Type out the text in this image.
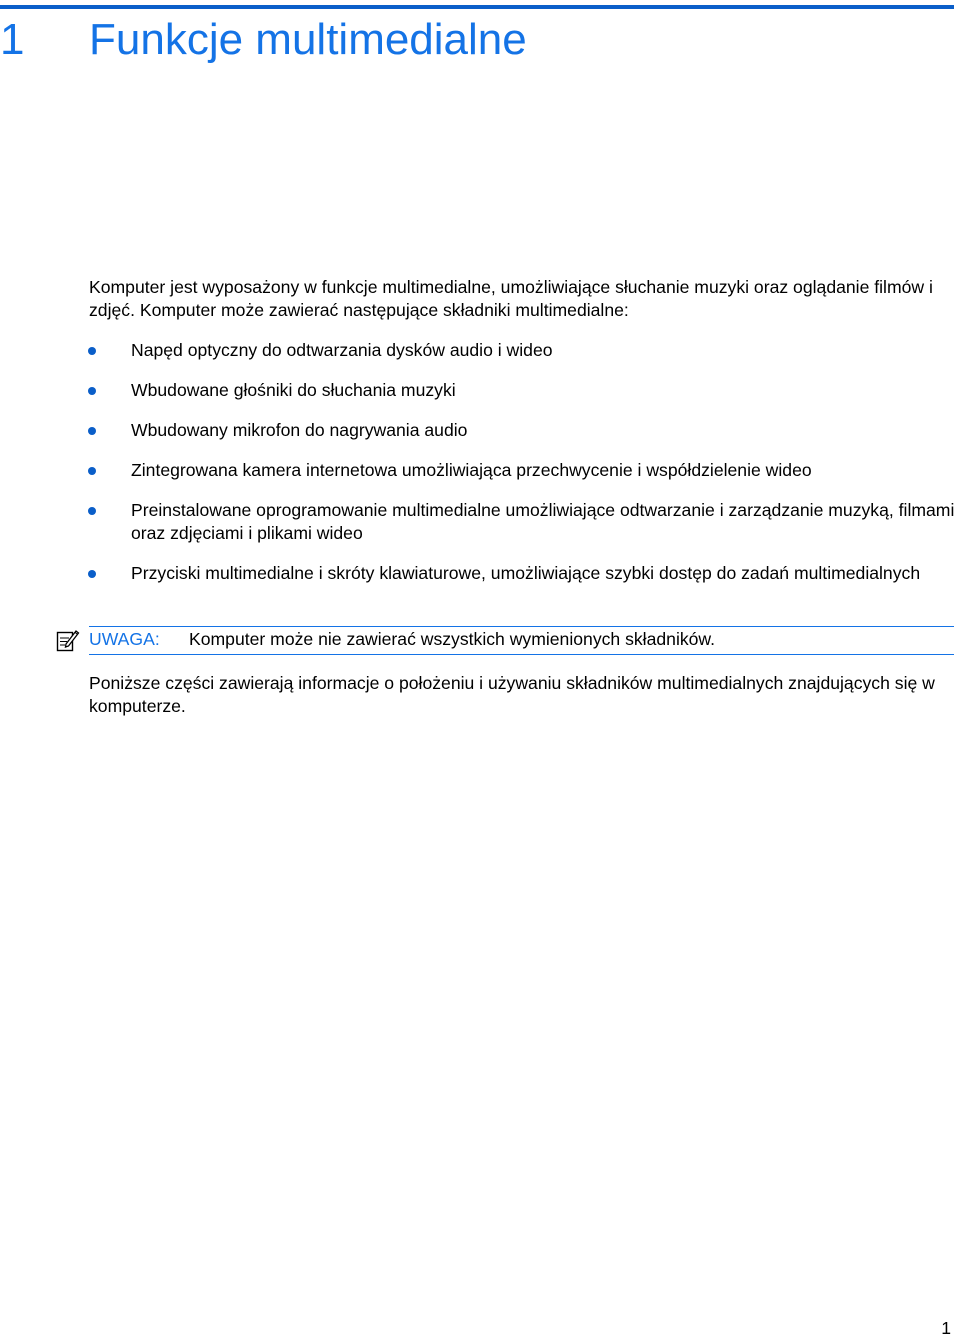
1 Funkcje multimedialne

Komputer jest wyposażony w funkcje multimedialne, umożliwiające słuchanie muzyki oraz oglądanie filmów i zdjęć. Komputer może zawierać następujące składniki multimedialne:

Napęd optyczny do odtwarzania dysków audio i wideo
Wbudowane głośniki do słuchania muzyki
Wbudowany mikrofon do nagrywania audio
Zintegrowana kamera internetowa umożliwiająca przechwycenie i współdzielenie wideo
Preinstalowane oprogramowanie multimedialne umożliwiające odtwarzanie i zarządzanie muzyką, filmami oraz zdjęciami i plikami wideo
Przyciski multimedialne i skróty klawiaturowe, umożliwiające szybki dostęp do zadań multimedialnych
UWAGA: Komputer może nie zawierać wszystkich wymienionych składników.

Poniższe części zawierają informacje o położeniu i używaniu składników multimedialnych znajdujących się w komputerze.

1
